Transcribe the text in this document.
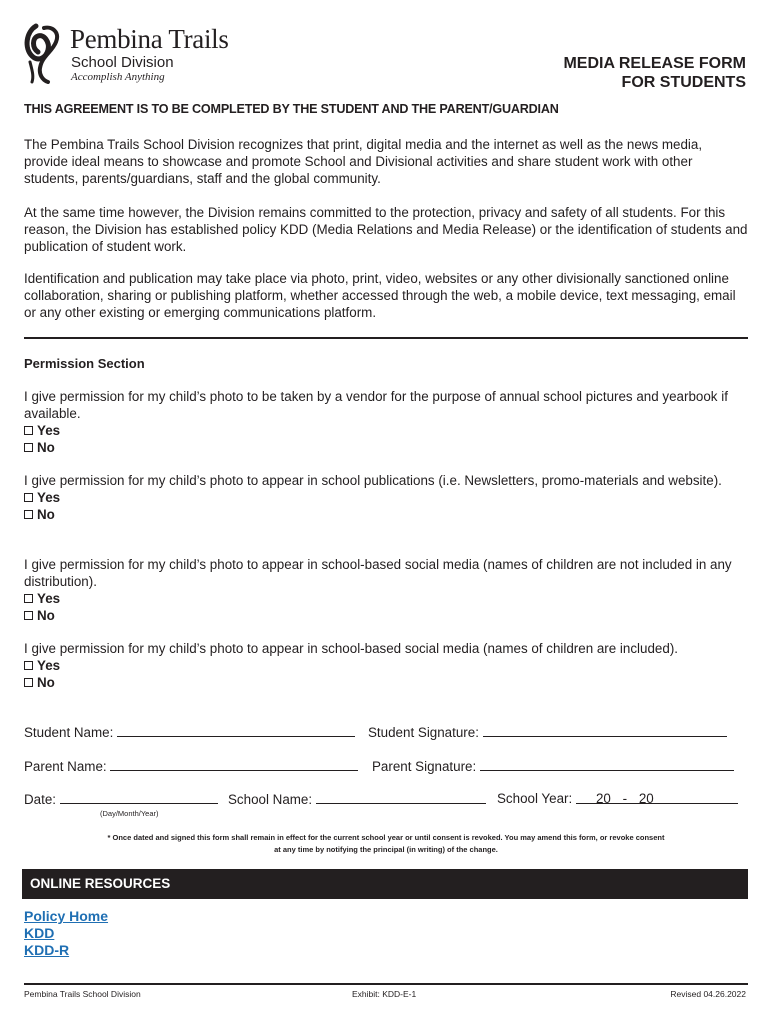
Pembina Trails
School Division
Accomplish Anything
MEDIA RELEASE FORM
FOR STUDENTS
THIS AGREEMENT IS TO BE COMPLETED BY THE STUDENT AND THE PARENT/GUARDIAN
The Pembina Trails School Division recognizes that print, digital media and the internet as well as the news media, provide ideal means to showcase and promote School and Divisional activities and share student work with other students, parents/guardians, staff and the global community.
At the same time however, the Division remains committed to the protection, privacy and safety of all students. For this reason, the Division has established policy KDD (Media Relations and Media Release) or the identification of students and publication of student work.
Identification and publication may take place via photo, print, video, websites or any other divisionally sanctioned online collaboration, sharing or publishing platform, whether accessed through the web, a mobile device, text messaging, email or any other existing or emerging communications platform.
Permission Section
I give permission for my child’s photo to be taken by a vendor for the purpose of annual school pictures and yearbook if available.
Yes
No
I give permission for my child’s photo to appear in school publications (i.e. Newsletters, promo-materials and website).
Yes
No
I give permission for my child’s photo to appear in school-based social media (names of children are not included in any distribution).
Yes
No
I give permission for my child’s photo to appear in school-based social media (names of children are included).
Yes
No
Student Name:	Student Signature:
Parent Name:	Parent Signature:
Date:	School Name:	School Year: 20 - 20
(Day/Month/Year)
* Once dated and signed this form shall remain in effect for the current school year or until consent is revoked. You may amend this form, or revoke consent
at any time by notifying the principal (in writing) of the change.
ONLINE RESOURCES
Policy Home
KDD
KDD-R
Pembina Trails School Division	Exhibit: KDD-E-1	Revised 04.26.2022
